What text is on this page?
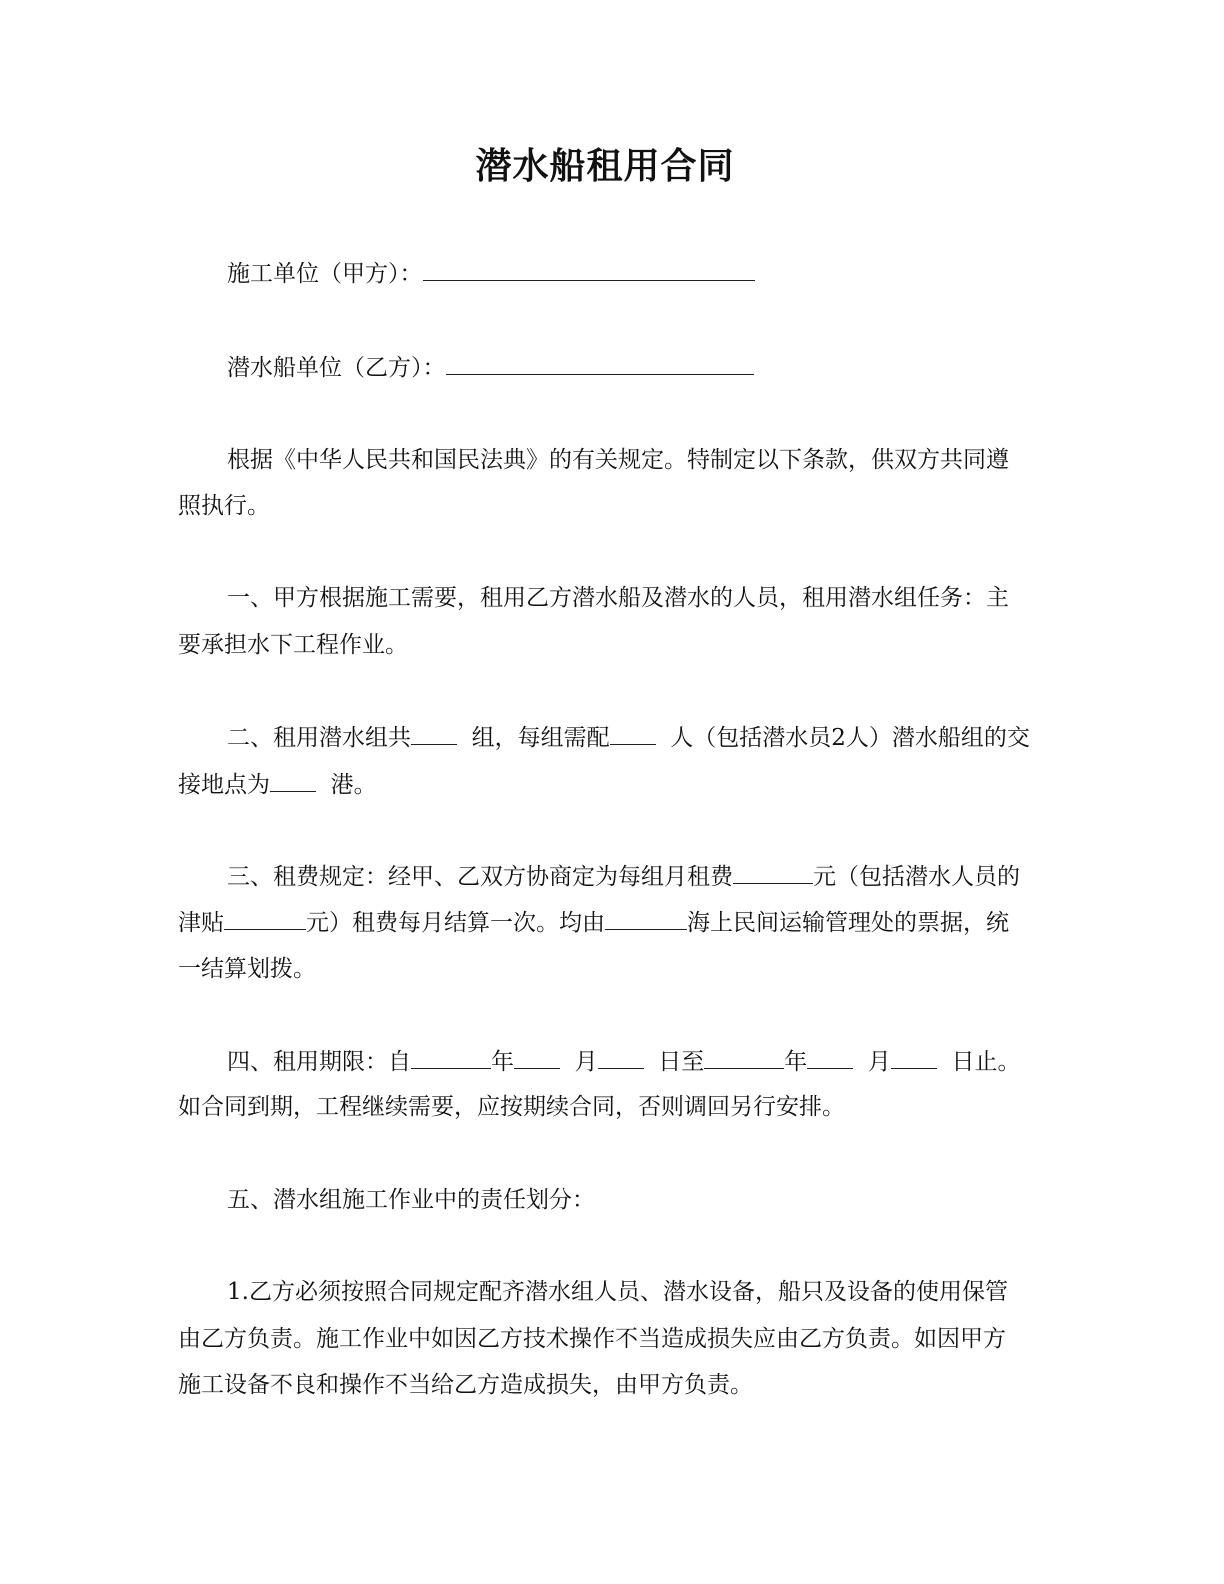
潜水船租用合同
施工单位（甲方）：
潜水船单位（乙方）：
根据《中华人民共和国民法典》的有关规定。特制定以下条款，供双方共同遵
照执行。
一、甲方根据施工需要，租用乙方潜水船及潜水的人员，租用潜水组任务：主
要承担水下工程作业。
二、租用潜水组共	组，每组需配	人（包括潜水员2人）潜水船组的交
接地点为	港。
三、租费规定：经甲、乙双方协商定为每组月租费	元（包括潜水人员的
津贴	元）租费每月结算一次。均由	海上民间运输管理处的票据，统
一结算划拨。
四、租用期限：自	年	月	日至	年	月	日止。
如合同到期，工程继续需要，应按期续合同，否则调回另行安排。
五、潜水组施工作业中的责任划分：
1.乙方必须按照合同规定配齐潜水组人员、潜水设备，船只及设备的使用保管
由乙方负责。施工作业中如因乙方技术操作不当造成损失应由乙方负责。如因甲方
施工设备不良和操作不当给乙方造成损失，由甲方负责。
